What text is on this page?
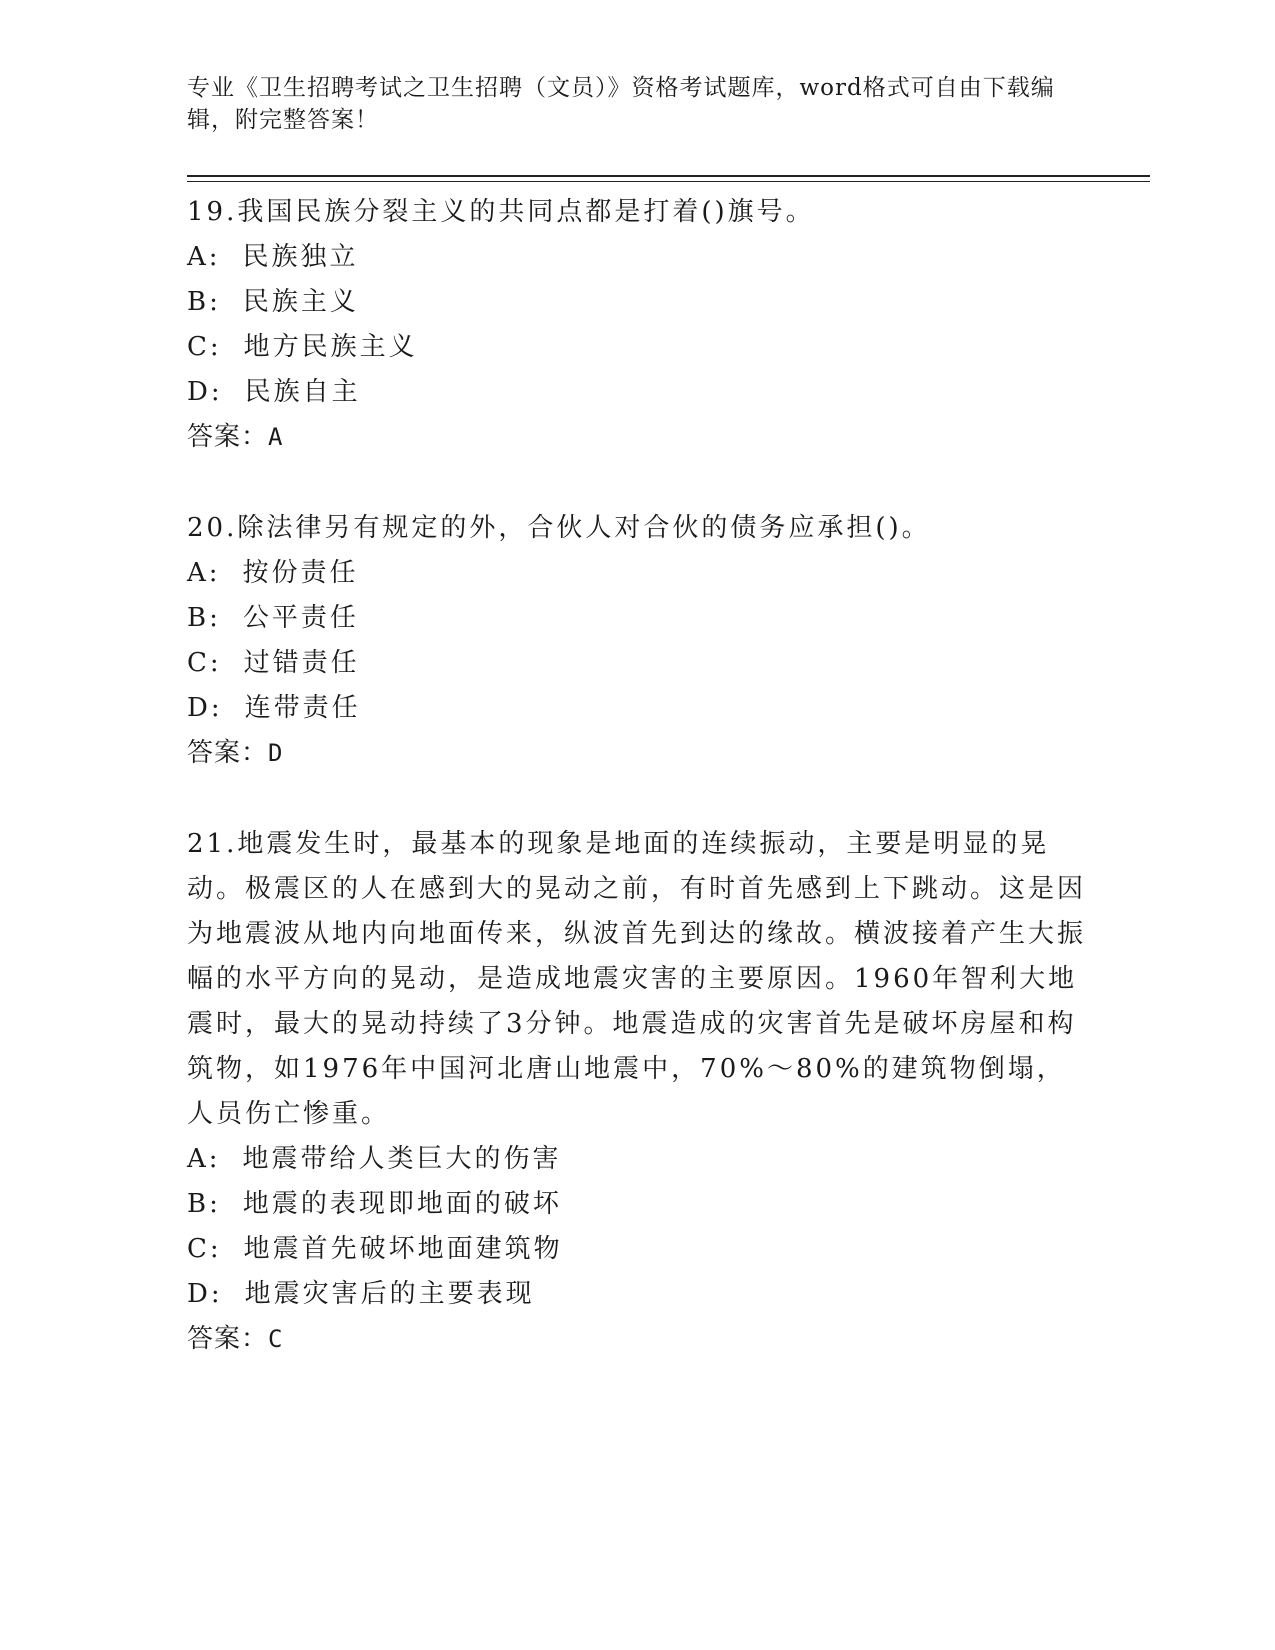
专业《卫生招聘考试之卫生招聘（文员）》资格考试题库，word格式可自由下载编辑，附完整答案！

19.我国民族分裂主义的共同点都是打着()旗号。

A: 民族独立
B: 民族主义
C: 地方民族主义
D: 民族自主

答案：A

20.除法律另有规定的外，合伙人对合伙的债务应承担()。

A: 按份责任
B: 公平责任
C: 过错责任
D: 连带责任

答案：D

21.地震发生时，最基本的现象是地面的连续振动，主要是明显的晃动。极震区的人在感到大的晃动之前，有时首先感到上下跳动。这是因为地震波从地内向地面传来，纵波首先到达的缘故。横波接着产生大振幅的水平方向的晃动，是造成地震灾害的主要原因。1960年智利大地震时，最大的晃动持续了3分钟。地震造成的灾害首先是破坏房屋和构筑物，如1976年中国河北唐山地震中，70%～80%的建筑物倒塌，人员伤亡惨重。

A: 地震带给人类巨大的伤害
B: 地震的表现即地面的破坏
C: 地震首先破坏地面建筑物
D: 地震灾害后的主要表现

答案：C
